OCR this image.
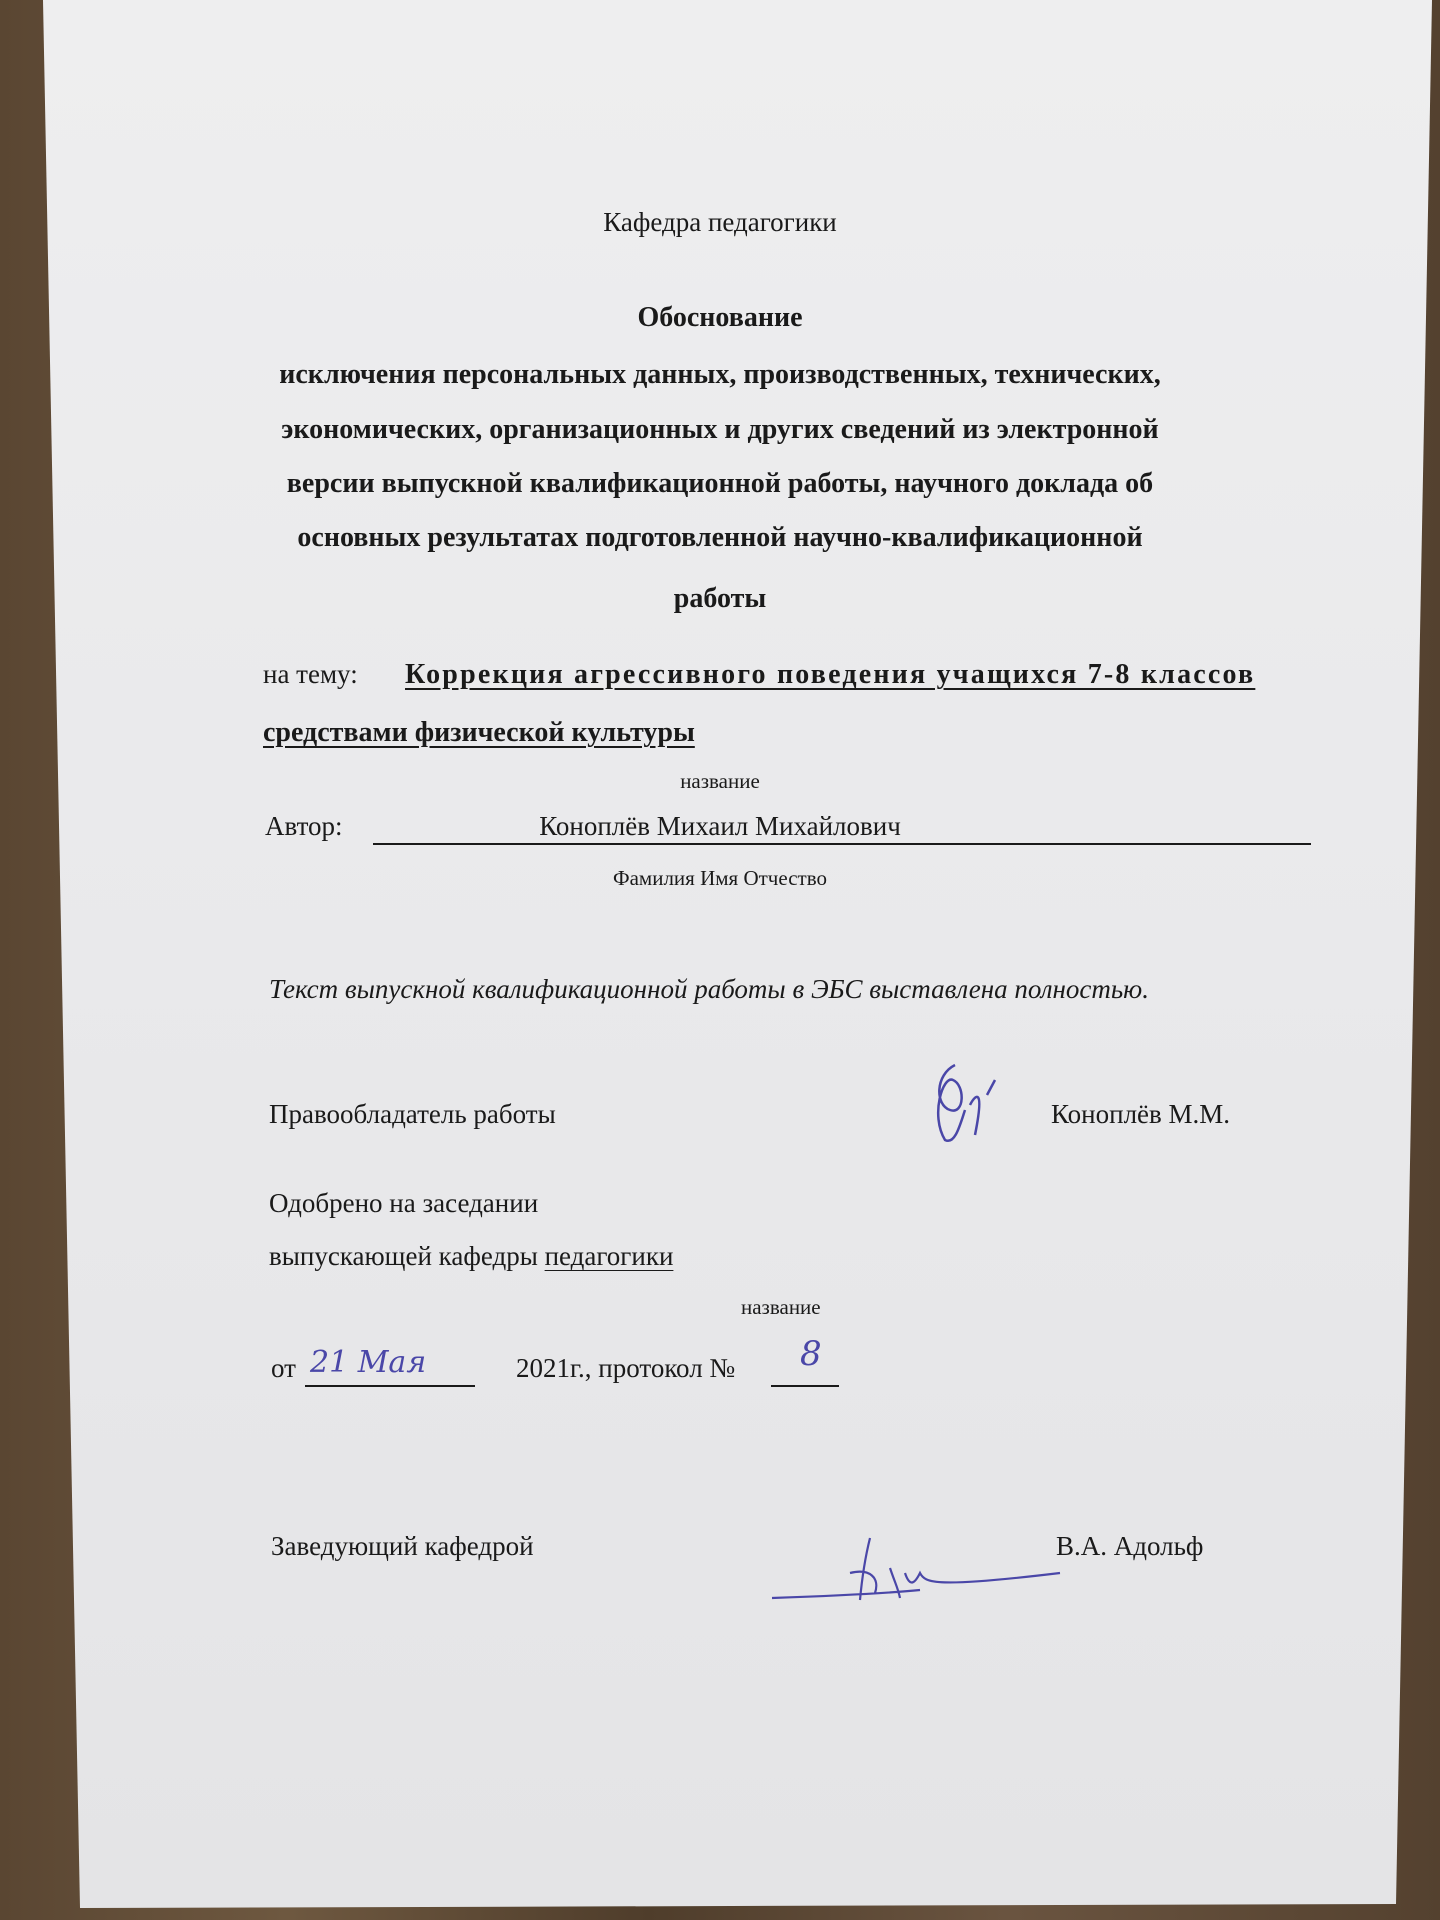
Кафедра педагогики
Обоснование
исключения персональных данных, производственных, технических,
экономических, организационных и других сведений из электронной
версии выпускной квалификационной работы, научного доклада об
основных результатах подготовленной научно-квалификационной
работы
на тему: Коррекция агрессивного поведения учащихся 7-8 классов
средствами физической культуры
название
Автор:	Коноплёв Михаил Михайлович
Фамилия Имя Отчество
Текст выпускной квалификационной работы в ЭБС выставлена полностью.
Правообладатель работы	Коноплёв М.М.
Одобрено на заседании
выпускающей кафедры педагогики
название
от 21 Мая	2021г., протокол № 8
Заведующий кафедрой	В.А. Адольф
